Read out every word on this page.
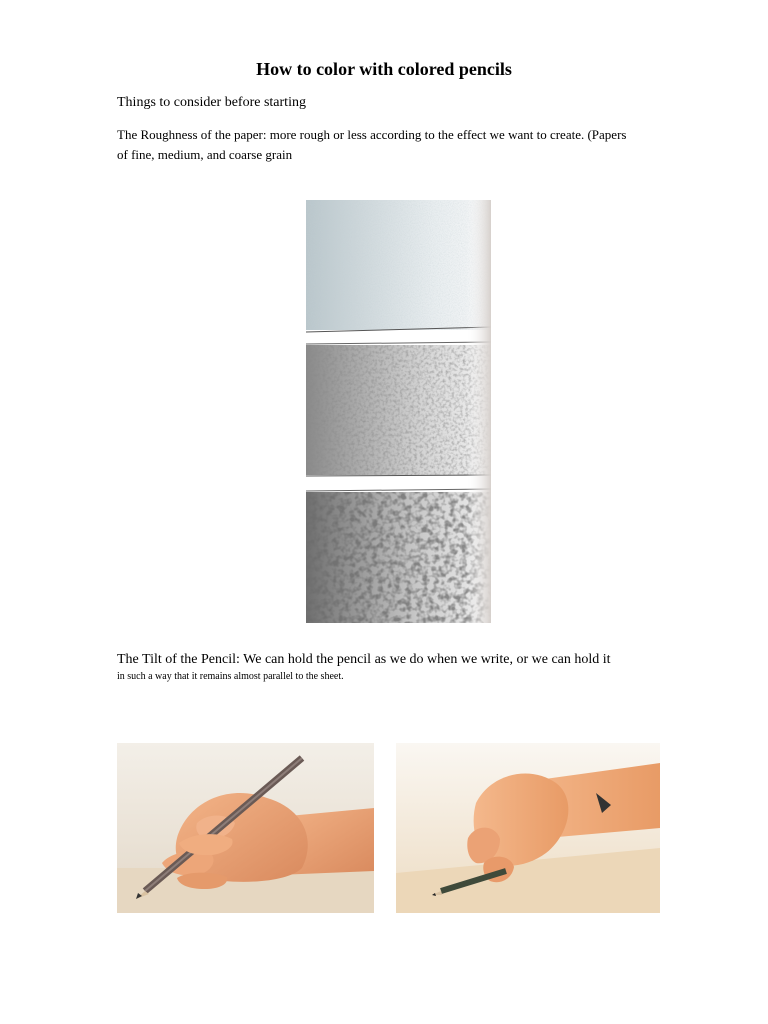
How to color with colored pencils

Things to consider before starting

The Roughness of the paper: more rough or less according to the effect we want to create. (Papers of fine, medium, and coarse grain

The Tilt of the Pencil: We can hold the pencil as we do when we write, or we can hold it

in such a way that it remains almost parallel to the sheet.
